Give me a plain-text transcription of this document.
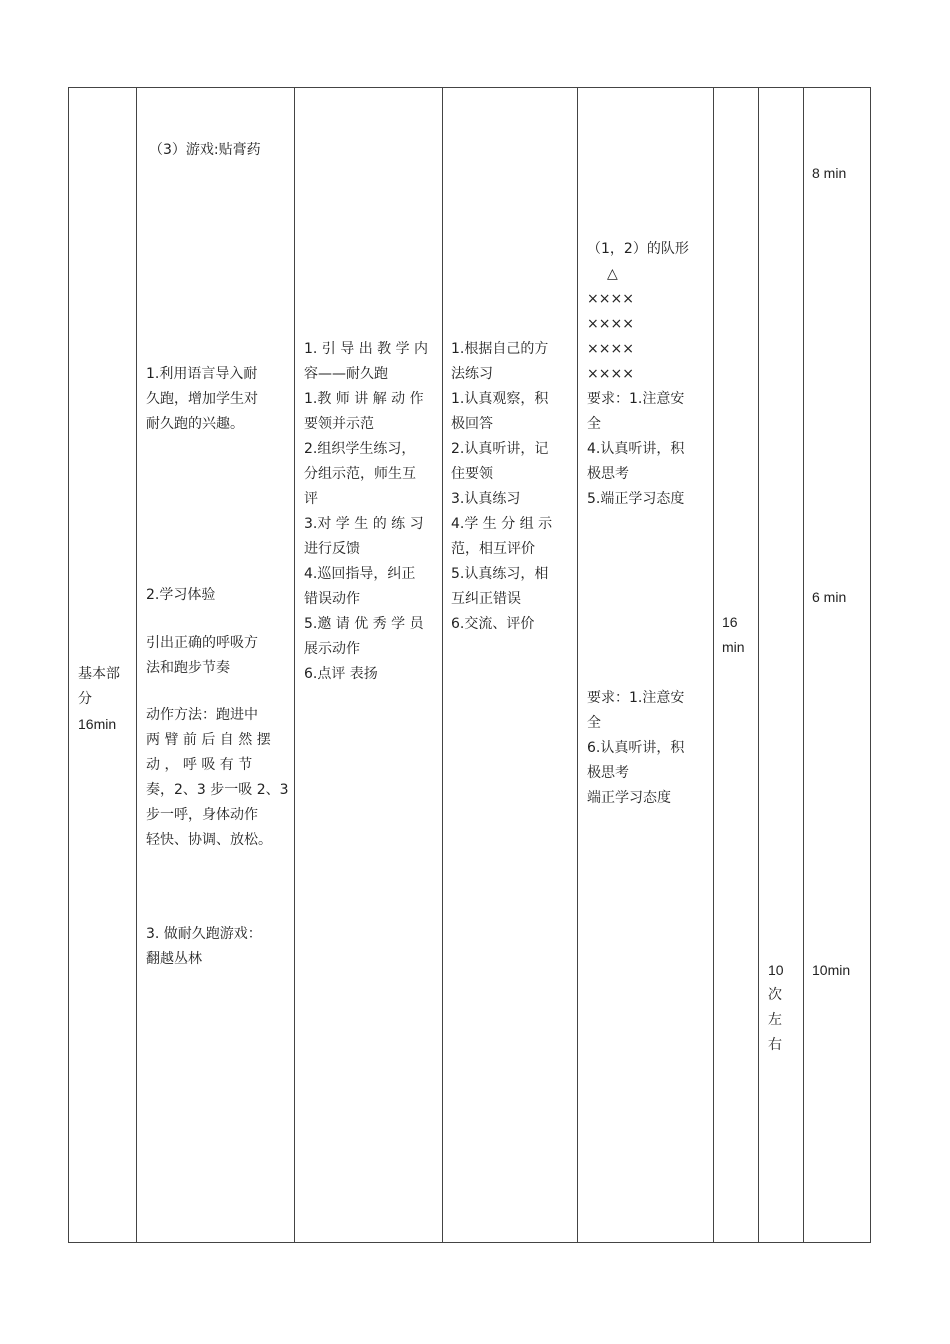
基本部
分
16min
（3）游戏:贴膏药
1.利用语言导入耐
久跑，增加学生对
耐久跑的兴趣。
2.学习体验
引出正确的呼吸方
法和跑步节奏
动作方法：跑进中
两 臂 前 后 自 然 摆
动 ， 呼 吸 有 节
奏，2、3 步一吸 2、3
步一呼，身体动作
轻快、协调、放松。
3. 做耐久跑游戏：
翻越丛林
1. 引 导 出 教 学 内
容——耐久跑
1.教 师 讲 解 动 作
要领并示范
2.组织学生练习，
分组示范，师生互
评
3.对 学 生 的 练 习
进行反馈
4.巡回指导，纠正
错误动作
5.邀 请 优 秀 学 员
展示动作
6.点评 表扬
1.根据自己的方
法练习
1.认真观察，积
极回答
2.认真听讲，记
住要领
3.认真练习
4.学 生 分 组 示
范，相互评价
5.认真练习，相
互纠正错误
6.交流、评价
（1，2）的队形
△
××××
××××
××××
××××
要求：1.注意安
全
4.认真听讲，积
极思考
5.端正学习态度
要求：1.注意安
全
6.认真听讲，积
极思考
端正学习态度
16
min
10
次
左
右
8 min
6 min
10min
